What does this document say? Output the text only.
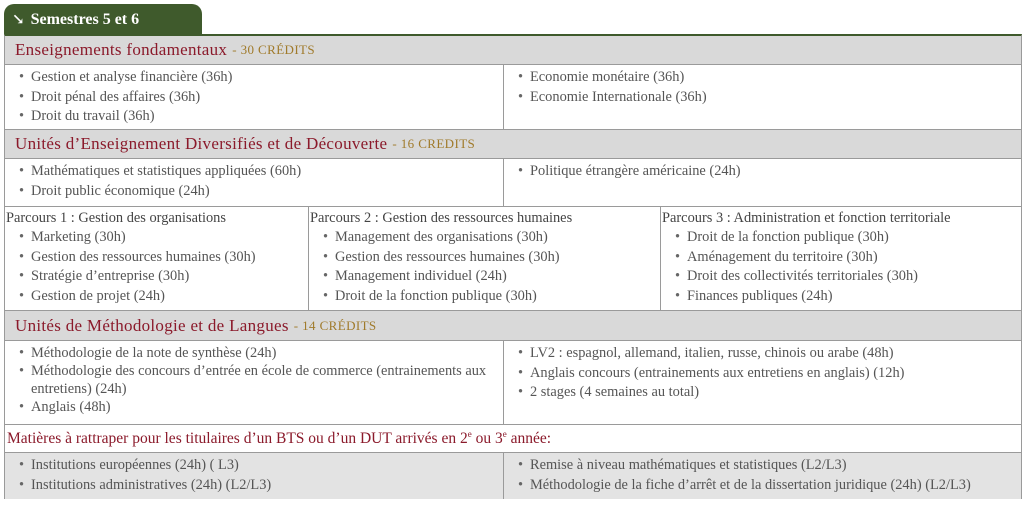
↘ Semestres 5 et 6
Enseignements fondamentaux - 30 CRÉDITS
• Gestion et analyse financière (36h)
• Droit pénal des affaires (36h)
• Droit du travail (36h)
• Economie monétaire (36h)
• Economie Internationale (36h)
Unités d’Enseignement Diversifiés et de Découverte - 16 CREDITS
• Mathématiques et statistiques appliquées (60h)
• Droit public économique (24h)
• Politique étrangère américaine (24h)
Parcours 1 : Gestion des organisations
• Marketing (30h)
• Gestion des ressources humaines (30h)
• Stratégie d’entreprise (30h)
• Gestion de projet (24h)
Parcours 2 : Gestion des ressources humaines
• Management des organisations (30h)
• Gestion des ressources humaines (30h)
• Management individuel (24h)
• Droit de la fonction publique (30h)
Parcours 3 : Administration et fonction territoriale
• Droit de la fonction publique (30h)
• Aménagement du territoire (30h)
• Droit des collectivités territoriales (30h)
• Finances publiques (24h)
Unités de Méthodologie et de Langues - 14 CRÉDITS
• Méthodologie de la note de synthèse (24h)
• Méthodologie des concours d’entrée en école de commerce (entrainements aux entretiens) (24h)
• Anglais (48h)
• LV2 : espagnol, allemand, italien, russe, chinois ou arabe (48h)
• Anglais concours (entrainements aux entretiens en anglais) (12h)
• 2 stages (4 semaines au total)
Matières à rattraper pour les titulaires d’un BTS ou d’un DUT arrivés en 2e ou 3e année:
• Institutions européennes (24h) ( L3)
• Institutions administratives (24h) (L2/L3)
• Remise à niveau mathématiques et statistiques (L2/L3)
• Méthodologie de la fiche d’arrêt et de la dissertation juridique (24h) (L2/L3)
